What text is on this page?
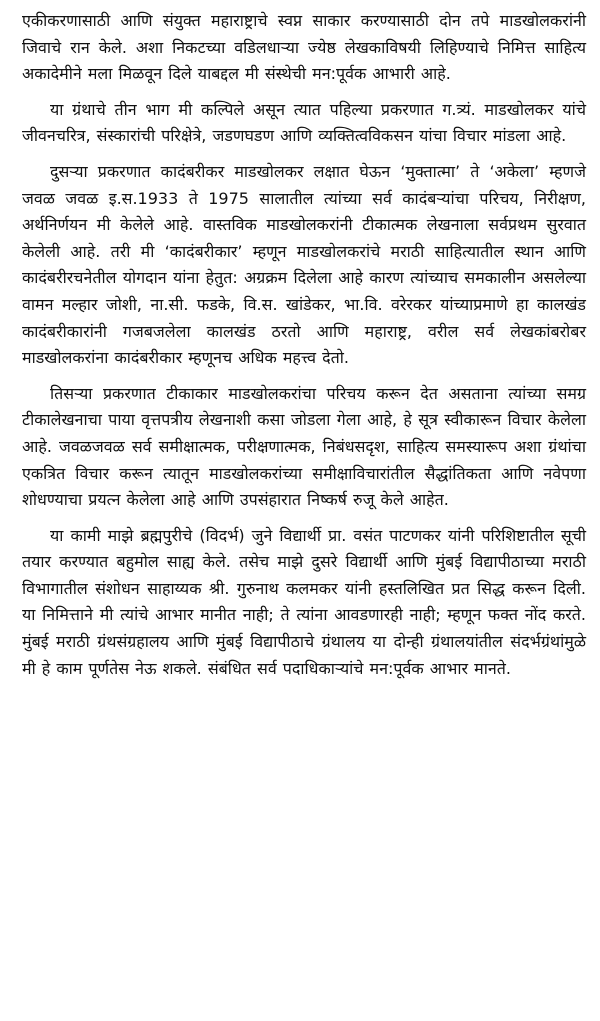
एकीकरणासाठी आणि संयुक्त महाराष्ट्राचे स्वप्न साकार करण्यासाठी दोन तपे माडखोलकरांनी जिवाचे रान केले. अशा निकटच्या वडिलधाऱ्या ज्येष्ठ लेखकाविषयी लिहिण्याचे निमित्त साहित्य अकादेमीने मला मिळवून दिले याबद्दल मी संस्थेची मन:पूर्वक आभारी आहे.

या ग्रंथाचे तीन भाग मी कल्पिले असून त्यात पहिल्या प्रकरणात ग.त्र्यं. माडखोलकर यांचे जीवनचरित्र, संस्कारांची परिक्षेत्रे, जडणघडण आणि व्यक्तित्वविकसन यांचा विचार मांडला आहे.

दुसऱ्या प्रकरणात कादंबरीकर माडखोलकर लक्षात घेऊन ‘मुक्तात्मा’ ते ‘अकेला’ म्हणजे जवळ जवळ इ.स.1933 ते 1975 सालातील त्यांच्या सर्व कादंबऱ्यांचा परिचय, निरीक्षण, अर्थनिर्णयन मी केलेले आहे. वास्तविक माडखोलकरांनी टीकात्मक लेखनाला सर्वप्रथम सुरवात केलेली आहे. तरी मी ‘कादंबरीकार’ म्हणून माडखोलकरांचे मराठी साहित्यातील स्थान आणि कादंबरीरचनेतील योगदान यांना हेतुत: अग्रक्रम दिलेला आहे कारण त्यांच्याच समकालीन असलेल्या वामन मल्हार जोशी, ना.सी. फडके, वि.स. खांडेकर, भा.वि. वरेरकर यांच्याप्रमाणे हा कालखंड कादंबरीकारांनी गजबजलेला कालखंड ठरतो आणि महाराष्ट्र, वरील सर्व लेखकांबरोबर माडखोलकरांना कादंबरीकार म्हणूनच अधिक महत्त्व देतो.

तिसऱ्या प्रकरणात टीकाकार माडखोलकरांचा परिचय करून देत असताना त्यांच्या समग्र टीकालेखनाचा पाया वृत्तपत्रीय लेखनाशी कसा जोडला गेला आहे, हे सूत्र स्वीकारून विचार केलेला आहे. जवळजवळ सर्व समीक्षात्मक, परीक्षणात्मक, निबंधसदृश, साहित्य समस्यारूप अशा ग्रंथांचा एकत्रित विचार करून त्यातून माडखोलकरांच्या समीक्षाविचारांतील सैद्धांतिकता आणि नवेपणा शोधण्याचा प्रयत्न केलेला आहे आणि उपसंहारात निष्कर्ष रुजू केले आहेत.

या कामी माझे ब्रह्मपुरीचे (विदर्भ) जुने विद्यार्थी प्रा. वसंत पाटणकर यांनी परिशिष्टातील सूची तयार करण्यात बहुमोल साह्य केले. तसेच माझे दुसरे विद्यार्थी आणि मुंबई विद्यापीठाच्या मराठी विभागातील संशोधन साहाय्यक श्री. गुरुनाथ कलमकर यांनी हस्तलिखित प्रत सिद्ध करून दिली. या निमित्ताने मी त्यांचे आभार मानीत नाही; ते त्यांना आवडणारही नाही; म्हणून फक्त नोंद करते. मुंबई मराठी ग्रंथसंग्रहालय आणि मुंबई विद्यापीठाचे ग्रंथालय या दोन्ही ग्रंथालयांतील संदर्भग्रंथांमुळे मी हे काम पूर्णतेस नेऊ शकले. संबंधित सर्व पदाधिकाऱ्यांचे मन:पूर्वक आभार मानते.
